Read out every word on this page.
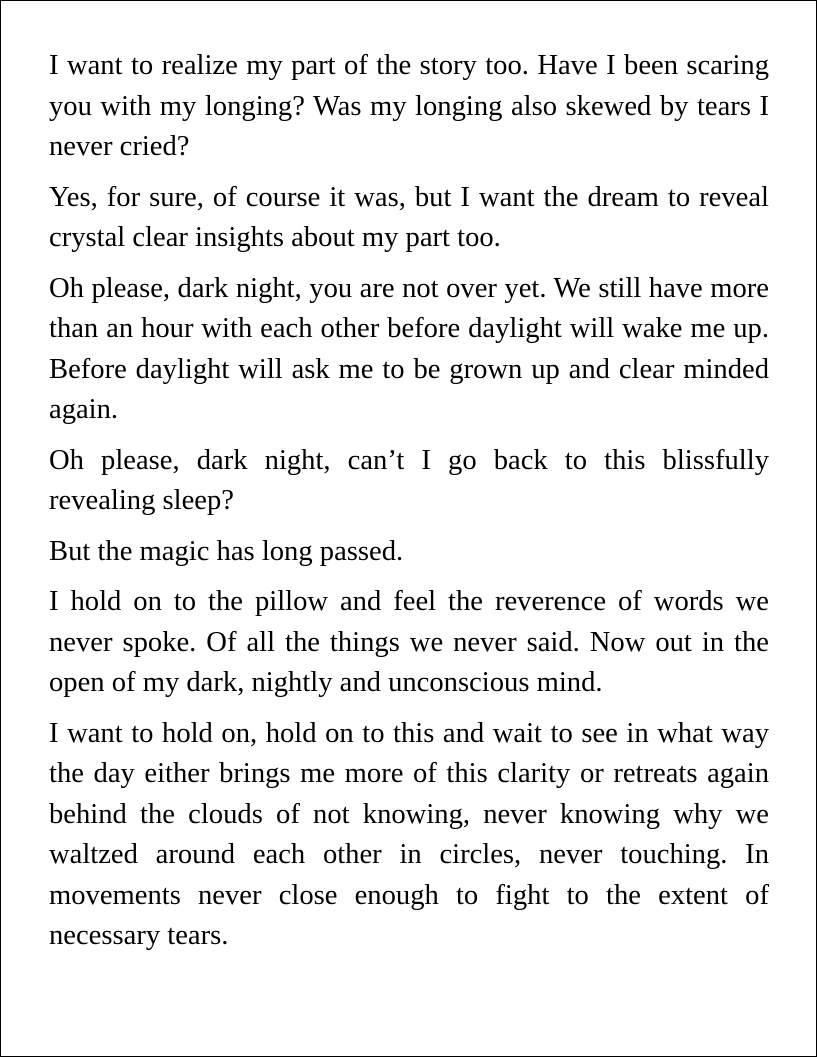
I want to realize my part of the story too. Have I been scaring you with my longing? Was my longing also skewed by tears I never cried?

Yes, for sure, of course it was, but I want the dream to reveal crystal clear insights about my part too.

Oh please, dark night, you are not over yet. We still have more than an hour with each other before daylight will wake me up. Before daylight will ask me to be grown up and clear minded again.

Oh please, dark night, can’t I go back to this blissfully revealing sleep?

But the magic has long passed.

I hold on to the pillow and feel the reverence of words we never spoke. Of all the things we never said. Now out in the open of my dark, nightly and unconscious mind.

I want to hold on, hold on to this and wait to see in what way the day either brings me more of this clarity or retreats again behind the clouds of not knowing, never knowing why we waltzed around each other in circles, never touching. In movements never close enough to fight to the extent of necessary tears.
